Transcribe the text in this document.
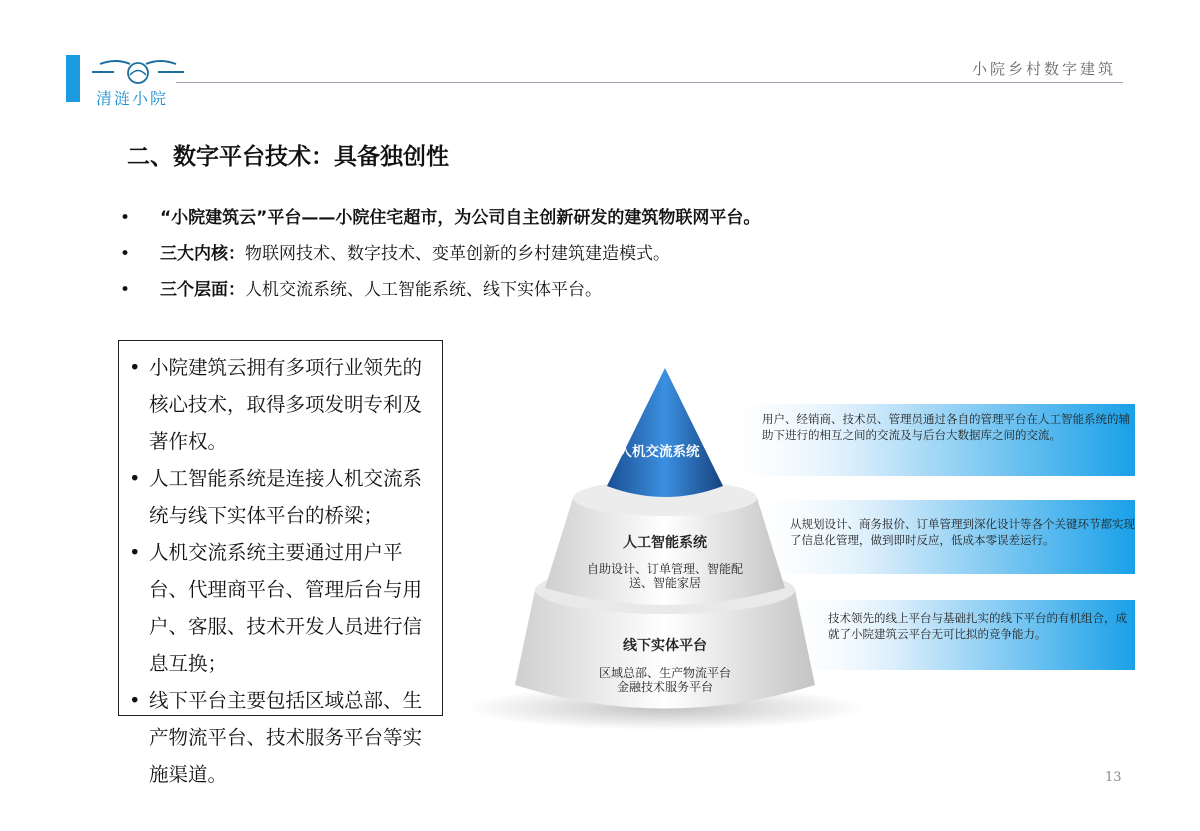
清涟小院
小院乡村数字建筑
二、数字平台技术：具备独创性
• “小院建筑云”平台——小院住宅超市，为公司自主创新研发的建筑物联网平台。
• 三大内核：物联网技术、数字技术、变革创新的乡村建筑建造模式。
• 三个层面：人机交流系统、人工智能系统、线下实体平台。
• 小院建筑云拥有多项行业领先的核心技术，取得多项发明专利及著作权。
• 人工智能系统是连接人机交流系统与线下实体平台的桥梁；
• 人机交流系统主要通过用户平台、代理商平台、管理后台与用户、客服、技术开发人员进行信息互换；
• 线下平台主要包括区域总部、生产物流平台、技术服务平台等实施渠道。
人机交流系统
人工智能系统
自助设计、订单管理、智能配送、智能家居
线下实体平台
区域总部、生产物流平台
金融技术服务平台
用户、经销商、技术员、管理员通过各自的管理平台在人工智能系统的辅助下进行的相互之间的交流及与后台大数据库之间的交流。
从规划设计、商务报价、订单管理到深化设计等各个关键环节都实现了信息化管理，做到即时反应，低成本零误差运行。
技术领先的线上平台与基础扎实的线下平台的有机组合，成就了小院建筑云平台无可比拟的竞争能力。
13
